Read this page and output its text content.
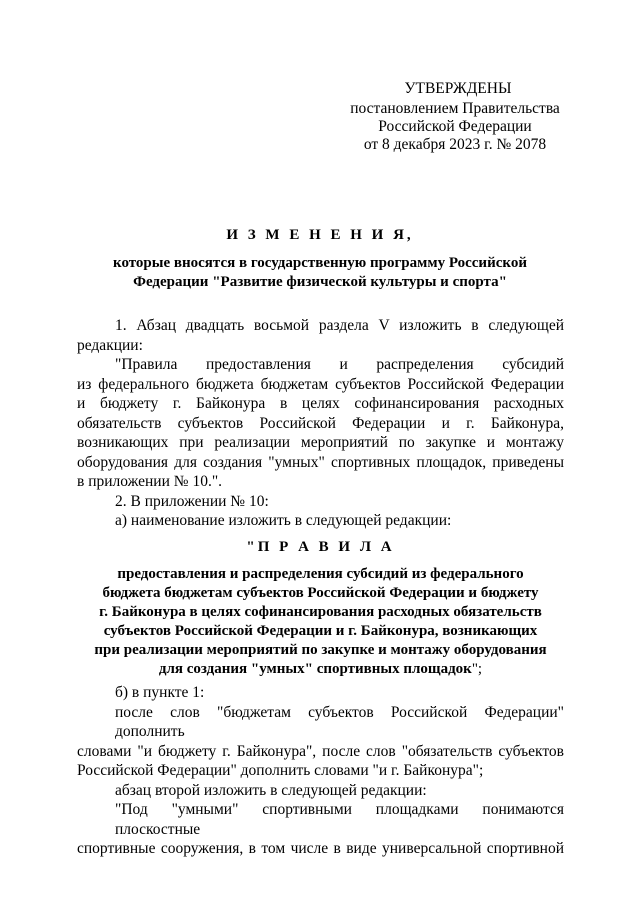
УТВЕРЖДЕНЫ
постановлением Правительства
Российской Федерации
от 8 декабря 2023 г. № 2078
И З М Е Н Е Н И Я,
которые вносятся в государственную программу Российской
Федерации "Развитие физической культуры и спорта"
1. Абзац двадцать восьмой раздела V изложить в следующей
редакции:
"Правила предоставления и распределения субсидий
из федерального бюджета бюджетам субъектов Российской Федерации
и бюджету г. Байконура в целях софинансирования расходных
обязательств субъектов Российской Федерации и г. Байконура,
возникающих при реализации мероприятий по закупке и монтажу
оборудования для создания "умных" спортивных площадок, приведены
в приложении № 10.".
2. В приложении № 10:
а) наименование изложить в следующей редакции:
"П Р А В И Л А
предоставления и распределения субсидий из федерального
бюджета бюджетам субъектов Российской Федерации и бюджету
г. Байконура в целях софинансирования расходных обязательств
субъектов Российской Федерации и г. Байконура, возникающих
при реализации мероприятий по закупке и монтажу оборудования
для создания "умных" спортивных площадок";
б) в пункте 1:
после слов "бюджетам субъектов Российской Федерации" дополнить
словами "и бюджету г. Байконура", после слов "обязательств субъектов
Российской Федерации" дополнить словами "и г. Байконура";
абзац второй изложить в следующей редакции:
"Под "умными" спортивными площадками понимаются плоскостные
спортивные сооружения, в том числе в виде универсальной спортивной
